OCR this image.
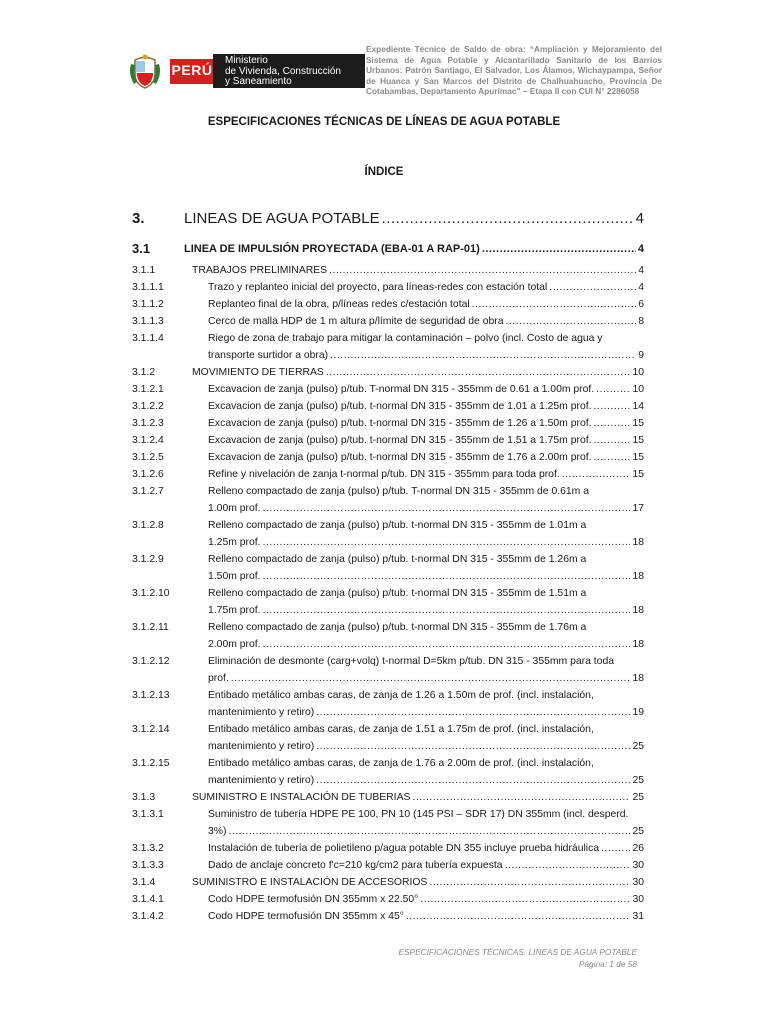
PERÚ
Ministerio
de Vivienda, Construcción
y Saneamiento
Expediente Técnico de Saldo de obra: “Ampliación y Mejoramiento del Sistema de Agua Potable y Alcantarillado Sanitario de los Barrios Urbanos: Patrón Santiago, El Salvador, Los Álamos, Wichaypampa, Señor de Huanca y San Marcos del Distrito de Chalhuahuacho, Provincia De Cotabambas, Departamento Apurímac” – Etapa II con CUI N° 2286058
ESPECIFICACIONES TÉCNICAS DE LÍNEAS DE AGUA POTABLE
ÍNDICE
3.	LINEAS DE AGUA POTABLE .....	4
3.1	LINEA DE IMPULSIÓN PROYECTADA (EBA-01 A RAP-01) .....	4
3.1.1	TRABAJOS PRELIMINARES .....	4
3.1.1.1	Trazo y replanteo inicial del proyecto, para líneas-redes con estación total .....	4
3.1.1.2	Replanteo final de la obra, p/líneas redes c/estación total .....	6
3.1.1.3	Cerco de malla HDP de 1 m altura p/límite de seguridad de obra .....	8
3.1.1.4	Riego de zona de trabajo para mitigar la contaminación – polvo (incl. Costo de agua y
transporte surtidor a obra) .....	9
3.1.2	MOVIMIENTO DE TIERRAS .....	10
3.1.2.1	Excavacion de zanja (pulso) p/tub. T-normal DN 315 - 355mm de 0.61 a 1.00m prof. .....	10
3.1.2.2	Excavacion de zanja (pulso) p/tub. t-normal DN 315 - 355mm de 1.01 a 1.25m prof. .....	14
3.1.2.3	Excavacion de zanja (pulso) p/tub. t-normal DN 315 - 355mm de 1.26 a 1.50m prof. .....	15
3.1.2.4	Excavacion de zanja (pulso) p/tub. t-normal DN 315 - 355mm de 1.51 a 1.75m prof. .....	15
3.1.2.5	Excavacion de zanja (pulso) p/tub. t-normal DN 315 - 355mm de 1.76 a 2.00m prof. .....	15
3.1.2.6	Refine y nivelación de zanja t-normal p/tub. DN 315 - 355mm para toda prof. .....	15
3.1.2.7	Relleno compactado de zanja (pulso) p/tub. T-normal DN 315 - 355mm de 0.61m a
1.00m prof. .....	17
3.1.2.8	Relleno compactado de zanja (pulso) p/tub. t-normal DN 315 - 355mm de 1.01m a
1.25m prof. .....	18
3.1.2.9	Relleno compactado de zanja (pulso) p/tub. t-normal DN 315 - 355mm de 1.26m a
1.50m prof. .....	18
3.1.2.10	Relleno compactado de zanja (pulso) p/tub. t-normal DN 315 - 355mm de 1.51m a
1.75m prof. .....	18
3.1.2.11	Relleno compactado de zanja (pulso) p/tub. t-normal DN 315 - 355mm de 1.76m a
2.00m prof. .....	18
3.1.2.12	Eliminación de desmonte (carg+volq) t-normal D=5km p/tub. DN 315 - 355mm para toda
prof. .....	18
3.1.2.13	Entibado metálico ambas caras, de zanja de 1.26 a 1.50m de prof. (incl. instalación,
mantenimiento y retiro) .....	19
3.1.2.14	Entibado metálico ambas caras, de zanja de 1.51 a 1.75m de prof. (incl. instalación,
mantenimiento y retiro) .....	25
3.1.2.15	Entibado metálico ambas caras, de zanja de 1.76 a 2.00m de prof. (incl. instalación,
mantenimiento y retiro) .....	25
3.1.3	SUMINISTRO E INSTALACIÓN DE TUBERIAS .....	25
3.1.3.1	Suministro de tubería HDPE PE 100, PN 10 (145 PSI – SDR 17) DN 355mm (incl. desperd.
3%) .....	25
3.1.3.2	Instalación de tubería de polietileno p/agua potable DN 355 incluye prueba hidráulica .....	26
3.1.3.3	Dado de anclaje concreto f'c=210 kg/cm2 para tubería expuesta .....	30
3.1.4	SUMINISTRO E INSTALACIÓN DE ACCESORIOS .....	30
3.1.4.1	Codo HDPE termofusión DN 355mm x 22.50° .....	30
3.1.4.2	Codo HDPE termofusión DN 355mm x 45° .....	31
ESPECIFICACIONES TÉCNICAS: LINEAS DE AGUA POTABLE
Página: 1 de 58
